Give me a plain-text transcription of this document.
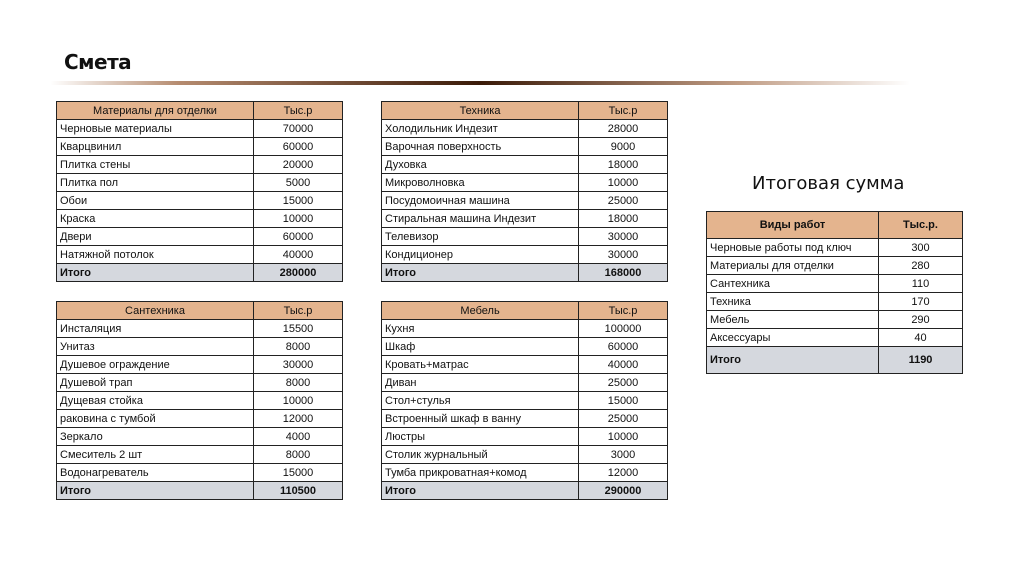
Смета
Материалы для отделки	Тыс.р
Черновые материалы	70000
Кварцвинил	60000
Плитка стены	20000
Плитка пол	5000
Обои	15000
Краска	10000
Двери	60000
Натяжной потолок	40000
Итого	280000
Техника	Тыс.р
Холодильник Индезит	28000
Варочная поверхность	9000
Духовка	18000
Микроволновка	10000
Посудомоичная машина	25000
Стиральная машина Индезит	18000
Телевизор	30000
Кондиционер	30000
Итого	168000
Сантехника	Тыс.р
Инсталяция	15500
Унитаз	8000
Душевое ограждение	30000
Душевой трап	8000
Дущевая стойка	10000
раковина с тумбой	12000
Зеркало	4000
Смеситель 2 шт	8000
Водонагреватель	15000
Итого	110500
Мебель	Тыс.р
Кухня	100000
Шкаф	60000
Кровать+матрас	40000
Диван	25000
Стол+стулья	15000
Встроенный шкаф в ванну	25000
Люстры	10000
Столик журнальный	3000
Тумба прикроватная+комод	12000
Итого	290000
Итоговая сумма
Виды работ	Тыс.р.
Черновые работы под ключ	300
Материалы для отделки	280
Сантехника	110
Техника	170
Мебель	290
Аксессуары	40
Итого	1190
